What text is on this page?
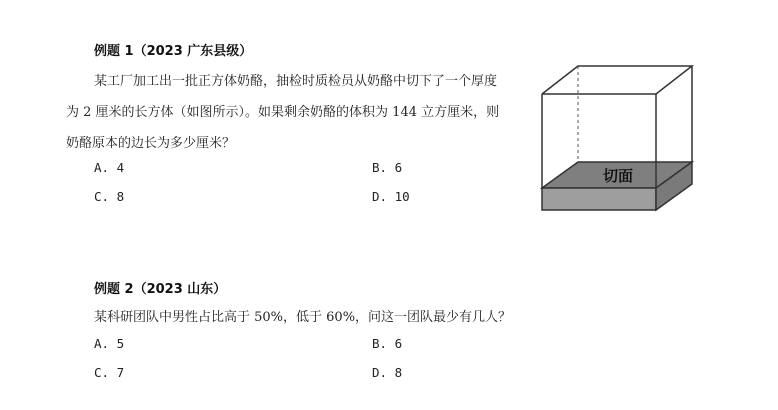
例题 1（2023 广东县级）
某工厂加工出一批正方体奶酪，抽检时质检员从奶酪中切下了一个厚度
为 2 厘米的长方体（如图所示）。如果剩余奶酪的体积为 144 立方厘米，则
奶酪原本的边长为多少厘米？
A. 4	B. 6
C. 8	D. 10
切面
例题 2（2023 山东）
某科研团队中男性占比高于 50%，低于 60%，问这一团队最少有几人？
A. 5	B. 6
C. 7	D. 8
